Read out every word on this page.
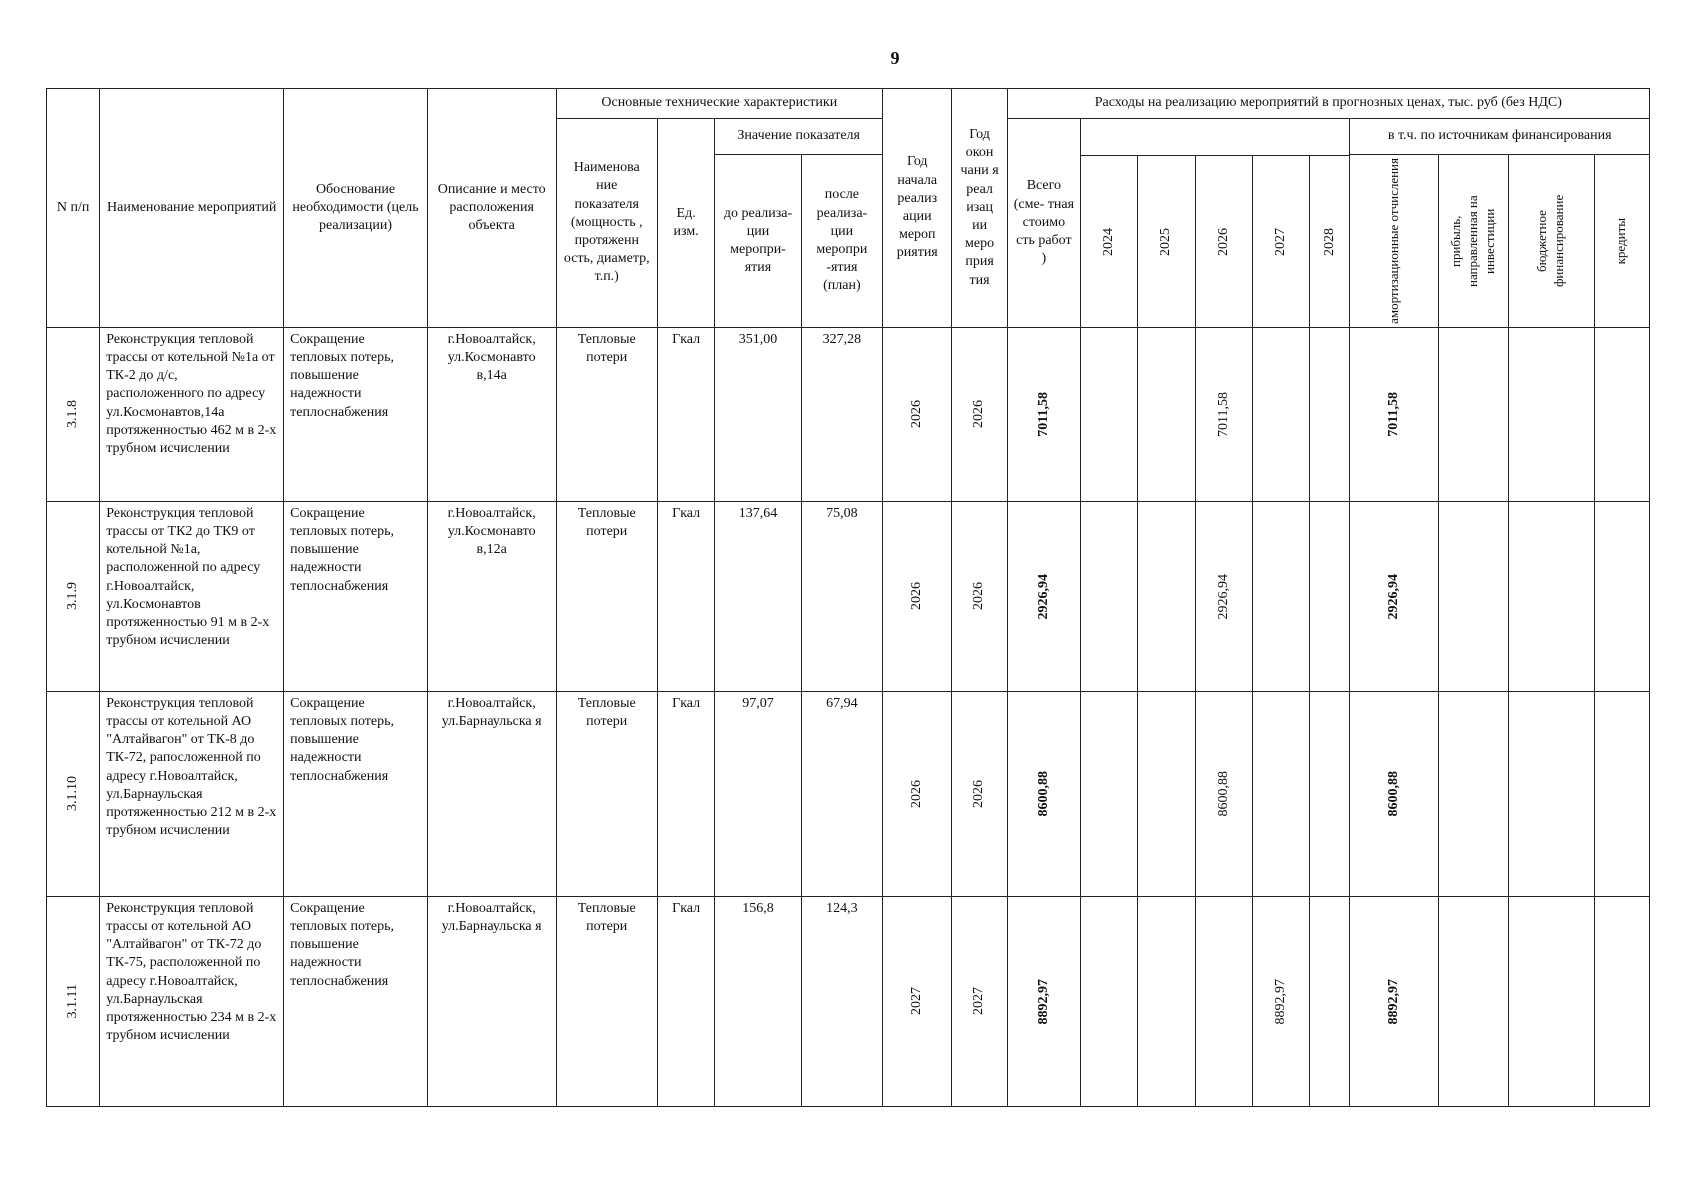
9
N п/п	Наименование мероприятий	Обоснование необходимости (цель реализации)	Описание и место расположения объекта	Основные технические характеристики				Год начала реализ ации мероп риятия	Год окон чани я реал изац ии меро прия тия	Расходы на реализацию мероприятий в прогнозных ценах, тыс. руб (без НДС)									
				Наименова ние показателя (мощность , протяженн ость, диаметр, т.п.)	Ед. изм.	Значение показателя				Всего (сме- тная стоимо сть работ )						в т.ч. по источникам финансирования			
						до реализа- ции меропри- ятия	после реализа- ции меропри -ятия (план)									амортизационные отчисления	прибыль, направленная на инвестиции	бюджетное финансирование	кредиты

											2024	2025	2026	2027	2028				

3.1.8	Реконструкция тепловой трассы от котельной №1а от ТК-2 до д/с, расположенного по адресу ул.Космонавтов,14а протяженностью 462 м в 2-х трубном исчислении	Сокращение тепловых потерь, повышение надежности теплоснабжения	г.Новоалтайск, ул.Космонавто в,14а	Тепловые потери	Гкал	351,00	327,28	2026	2026	7011,58			7011,58			7011,58			

3.1.9	Реконструкция тепловой трассы от ТК2 до ТК9 от котельной №1а, расположенной по адресу г.Новоалтайск, ул.Космонавтов протяженностью 91 м в 2-х трубном исчислении	Сокращение тепловых потерь, повышение надежности теплоснабжения	г.Новоалтайск, ул.Космонавто в,12а	Тепловые потери	Гкал	137,64	75,08	2026	2026	2926,94			2926,94			2926,94			

3.1.10	Реконструкция тепловой трассы от котельной АО "Алтайвагон" от ТК-8 до ТК-72, рапосложенной по адресу г.Новоалтайск, ул.Барнаульская протяженностью 212 м в 2-х трубном исчислении	Сокращение тепловых потерь, повышение надежности теплоснабжения	г.Новоалтайск, ул.Барнаульска я	Тепловые потери	Гкал	97,07	67,94	2026	2026	8600,88			8600,88			8600,88			

3.1.11	Реконструкция тепловой трассы от котельной АО "Алтайвагон" от ТК-72 до ТК-75, расположенной по адресу г.Новоалтайск, ул.Барнаульская протяженностью 234 м в 2-х трубном исчислении	Сокращение тепловых потерь, повышение надежности теплоснабжения	г.Новоалтайск, ул.Барнаульска я	Тепловые потери	Гкал	156,8	124,3	2027	2027	8892,97				8892,97		8892,97			
